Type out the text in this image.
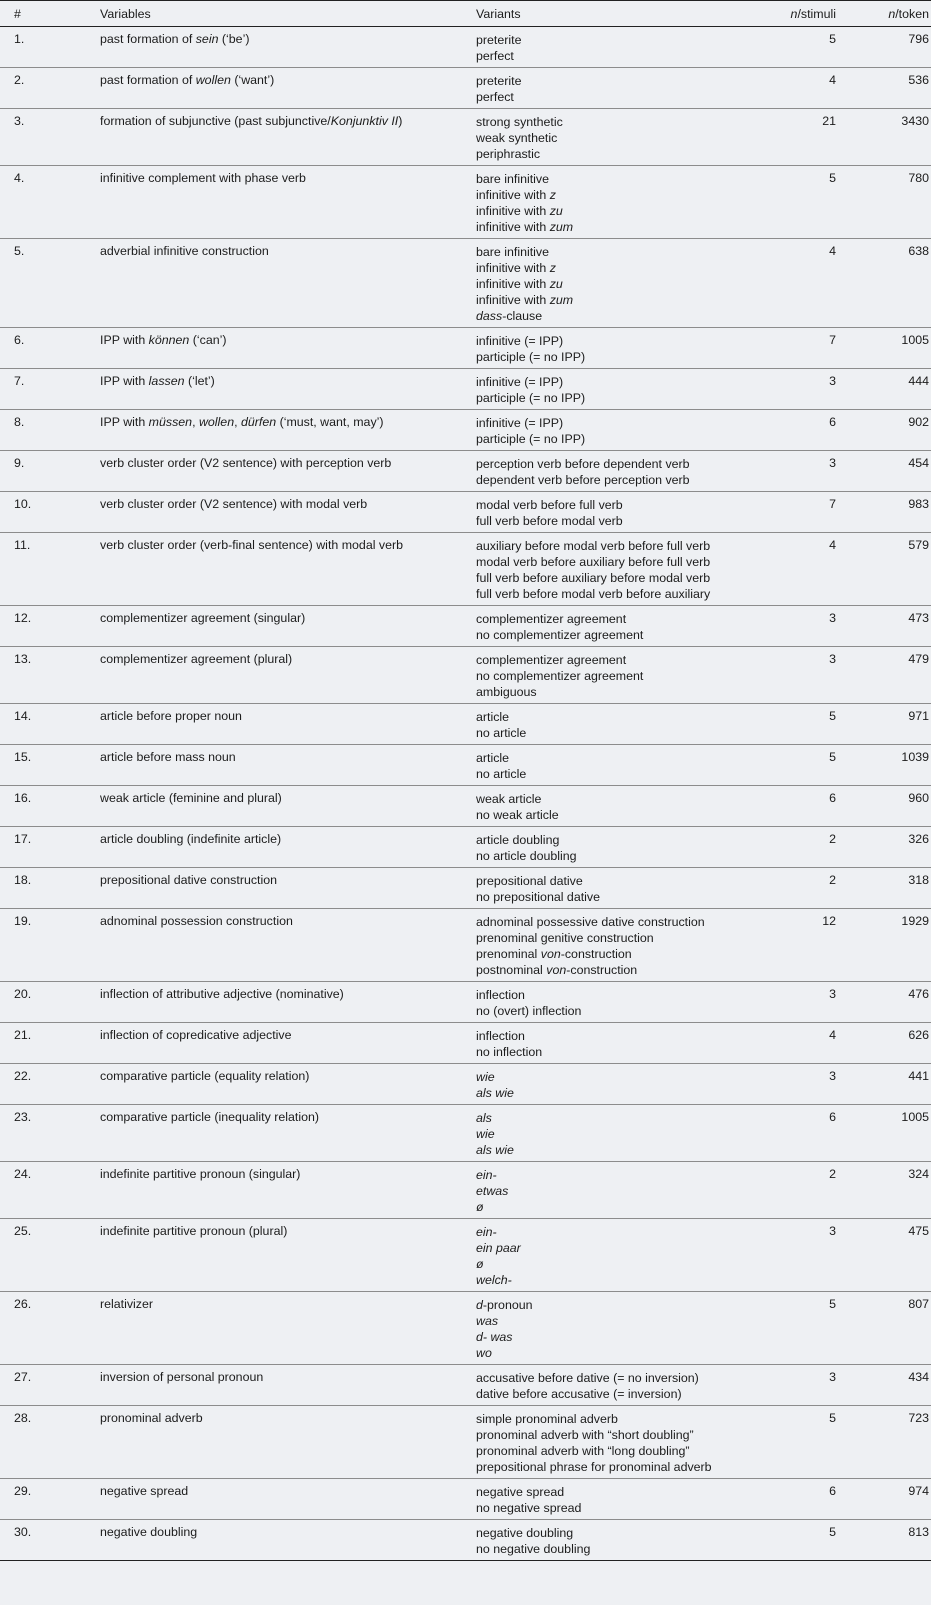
#	Variables	Variants	n/stimuli	n/token
1.	past formation of sein (‘be’)	preterite
perfect	5	796
2.	past formation of wollen (‘want’)	preterite
perfect	4	536
3.	formation of subjunctive (past subjunctive/Konjunktiv II)	strong synthetic
weak synthetic
periphrastic	21	3430
4.	infinitive complement with phase verb	bare infinitive
infinitive with z
infinitive with zu
infinitive with zum	5	780
5.	adverbial infinitive construction	bare infinitive
infinitive with z
infinitive with zu
infinitive with zum
dass-clause	4	638
6.	IPP with können (‘can’)	infinitive (= IPP)
participle (= no IPP)	7	1005
7.	IPP with lassen (‘let’)	infinitive (= IPP)
participle (= no IPP)	3	444
8.	IPP with müssen, wollen, dürfen (‘must, want, may’)	infinitive (= IPP)
participle (= no IPP)	6	902
9.	verb cluster order (V2 sentence) with perception verb	perception verb before dependent verb
dependent verb before perception verb	3	454
10.	verb cluster order (V2 sentence) with modal verb	modal verb before full verb
full verb before modal verb	7	983
11.	verb cluster order (verb-final sentence) with modal verb	auxiliary before modal verb before full verb
modal verb before auxiliary before full verb
full verb before auxiliary before modal verb
full verb before modal verb before auxiliary	4	579
12.	complementizer agreement (singular)	complementizer agreement
no complementizer agreement	3	473
13.	complementizer agreement (plural)	complementizer agreement
no complementizer agreement
ambiguous	3	479
14.	article before proper noun	article
no article	5	971
15.	article before mass noun	article
no article	5	1039
16.	weak article (feminine and plural)	weak article
no weak article	6	960
17.	article doubling (indefinite article)	article doubling
no article doubling	2	326
18.	prepositional dative construction	prepositional dative
no prepositional dative	2	318
19.	adnominal possession construction	adnominal possessive dative construction
prenominal genitive construction
prenominal von-construction
postnominal von-construction	12	1929
20.	inflection of attributive adjective (nominative)	inflection
no (overt) inflection	3	476
21.	inflection of copredicative adjective	inflection
no inflection	4	626
22.	comparative particle (equality relation)	wie
als wie	3	441
23.	comparative particle (inequality relation)	als
wie
als wie	6	1005
24.	indefinite partitive pronoun (singular)	ein-
etwas
ø	2	324
25.	indefinite partitive pronoun (plural)	ein-
ein paar
ø
welch-	3	475
26.	relativizer	d-pronoun
was
d- was
wo	5	807
27.	inversion of personal pronoun	accusative before dative (= no inversion)
dative before accusative (= inversion)	3	434
28.	pronominal adverb	simple pronominal adverb
pronominal adverb with “short doubling”
pronominal adverb with “long doubling”
prepositional phrase for pronominal adverb	5	723
29.	negative spread	negative spread
no negative spread	6	974
30.	negative doubling	negative doubling
no negative doubling	5	813
